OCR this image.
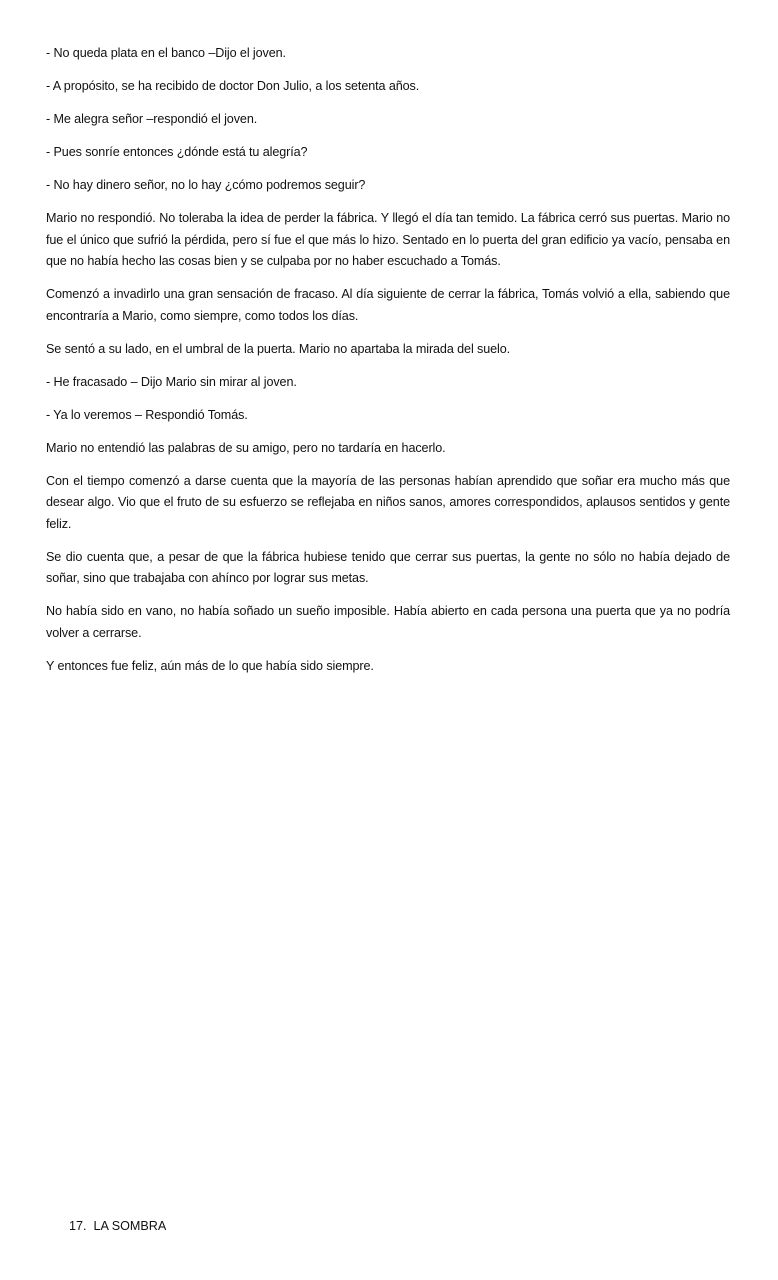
- No queda plata en el banco –Dijo el joven.

- A propósito, se ha recibido de doctor Don Julio, a los setenta años.

- Me alegra señor –respondió el joven.

- Pues sonríe entonces ¿dónde está tu alegría?

- No hay dinero señor, no lo hay ¿cómo podremos seguir?

Mario no respondió. No toleraba la idea de perder la fábrica. Y llegó el día tan temido. La fábrica cerró sus puertas. Mario no fue el único que sufrió la pérdida, pero sí fue el que más lo hizo. Sentado en lo puerta del gran edificio ya vacío, pensaba en que no había hecho las cosas bien y se culpaba por no haber escuchado a Tomás.

Comenzó a invadirlo una gran sensación de fracaso. Al día siguiente de cerrar la fábrica, Tomás volvió a ella, sabiendo que encontraría a Mario, como siempre, como todos los días.

Se sentó a su lado, en el umbral de la puerta. Mario no apartaba la mirada del suelo.

- He fracasado – Dijo Mario sin mirar al joven.

- Ya lo veremos – Respondió Tomás.

Mario no entendió las palabras de su amigo, pero no tardaría en hacerlo.

Con el tiempo comenzó a darse cuenta que la mayoría de las personas habían aprendido que soñar era mucho más que desear algo. Vio que el fruto de su esfuerzo se reflejaba en niños sanos, amores correspondidos, aplausos sentidos y gente feliz.

Se dio cuenta que, a pesar de que la fábrica hubiese tenido que cerrar sus puertas, la gente no sólo no había dejado de soñar, sino que trabajaba con ahínco por lograr sus metas.

No había sido en vano, no había soñado un sueño imposible. Había abierto en cada persona una puerta que ya no podría volver a cerrarse.

Y entonces fue feliz, aún más de lo que había sido siempre.

17.  LA SOMBRA
